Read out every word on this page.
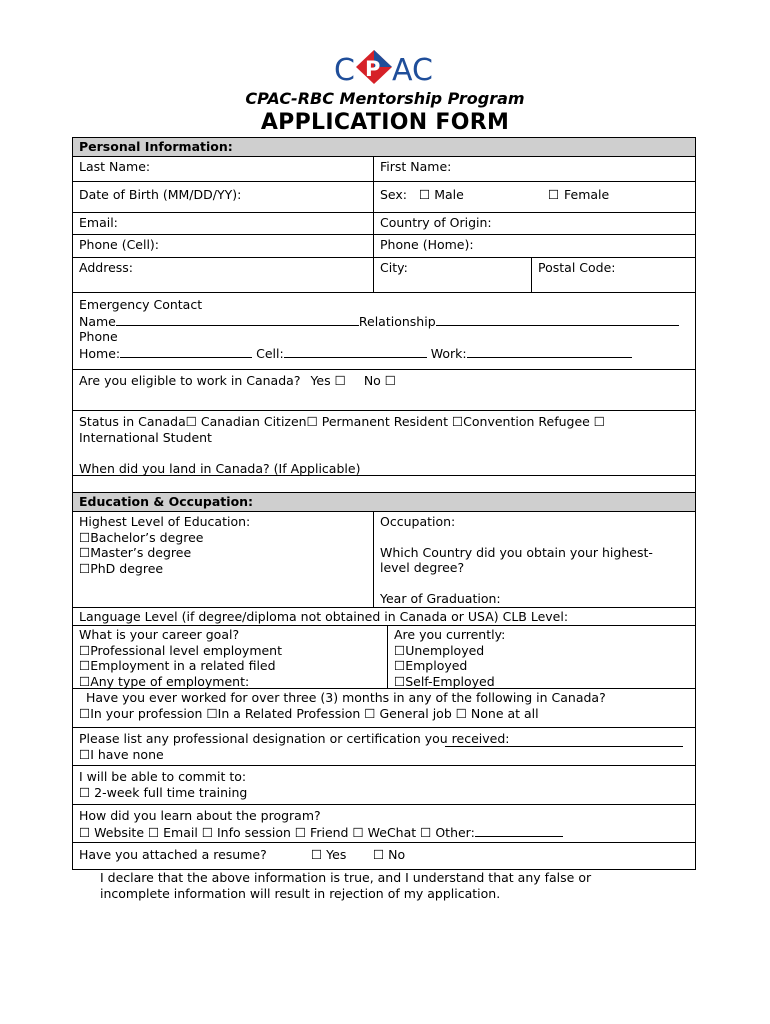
C P AC
CPAC-RBC Mentorship Program
APPLICATION FORM
Personal Information:
Last Name:	First Name:
Date of Birth (MM/DD/YY):	Sex: ☐ Male	☐ Female
Email:	Country of Origin:
Phone (Cell):	Phone (Home):
Address:	City:	Postal Code:
Emergency Contact
Name	Relationship
Phone
Home:	Cell:	Work:
Are you eligible to work in Canada? Yes ☐ No ☐
Status in Canada☐ Canadian Citizen☐ Permanent Resident ☐Convention Refugee ☐
International Student
When did you land in Canada? (If Applicable)
Education & Occupation:
Highest Level of Education:
☐Bachelor’s degree
☐Master’s degree
☐PhD degree
Occupation:
Which Country did you obtain your highest-
level degree?
Year of Graduation:
Language Level (if degree/diploma not obtained in Canada or USA) CLB Level:
What is your career goal?
☐Professional level employment
☐Employment in a related filed
☐Any type of employment:
Are you currently:
☐Unemployed
☐Employed
☐Self-Employed
Have you ever worked for over three (3) months in any of the following in Canada?
☐In your profession ☐In a Related Profession ☐ General job ☐ None at all
Please list any professional designation or certification you received:
☐I have none
I will be able to commit to:
☐ 2-week full time training
How did you learn about the program?
☐ Website ☐ Email ☐ Info session ☐ Friend ☐ WeChat ☐ Other:
Have you attached a resume?	☐ Yes ☐ No
I declare that the above information is true, and I understand that any false or
incomplete information will result in rejection of my application.
